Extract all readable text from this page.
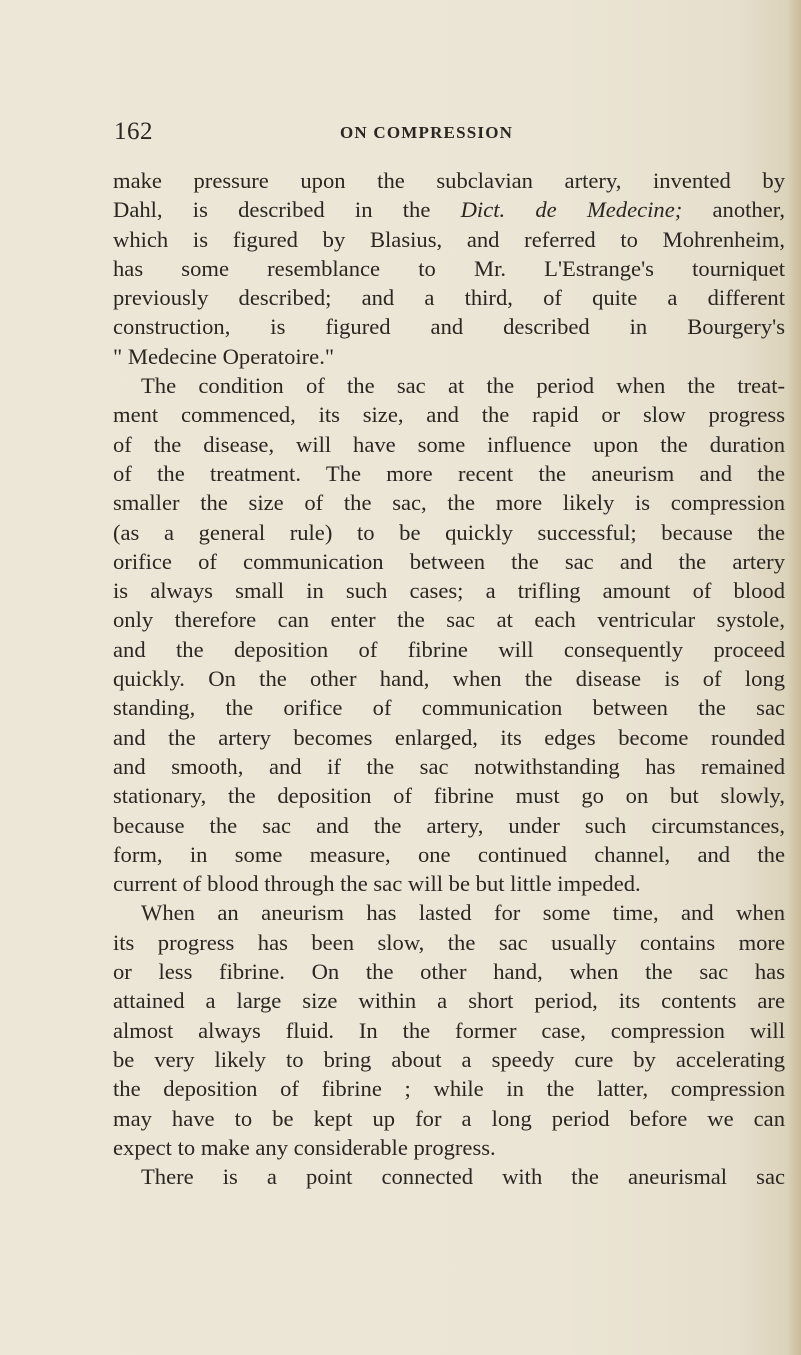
162	ON COMPRESSION
make pressure upon the subclavian artery, invented by
Dahl, is described in the Dict. de Medecine; another,
which is figured by Blasius, and referred to Mohrenheim,
has some resemblance to Mr. L'Estrange's tourniquet
previously described; and a third, of quite a different
construction, is figured and described in Bourgery's
" Medecine Operatoire."
The condition of the sac at the period when the treat-
ment commenced, its size, and the rapid or slow progress
of the disease, will have some influence upon the duration
of the treatment. The more recent the aneurism and the
smaller the size of the sac, the more likely is compression
(as a general rule) to be quickly successful; because the
orifice of communication between the sac and the artery
is always small in such cases; a trifling amount of blood
only therefore can enter the sac at each ventricular systole,
and the deposition of fibrine will consequently proceed
quickly. On the other hand, when the disease is of long
standing, the orifice of communication between the sac
and the artery becomes enlarged, its edges become rounded
and smooth, and if the sac notwithstanding has remained
stationary, the deposition of fibrine must go on but slowly,
because the sac and the artery, under such circumstances,
form, in some measure, one continued channel, and the
current of blood through the sac will be but little impeded.
When an aneurism has lasted for some time, and when
its progress has been slow, the sac usually contains more
or less fibrine. On the other hand, when the sac has
attained a large size within a short period, its contents are
almost always fluid. In the former case, compression will
be very likely to bring about a speedy cure by accelerating
the deposition of fibrine ; while in the latter, compression
may have to be kept up for a long period before we can
expect to make any considerable progress.
There is a point connected with the aneurismal sac
